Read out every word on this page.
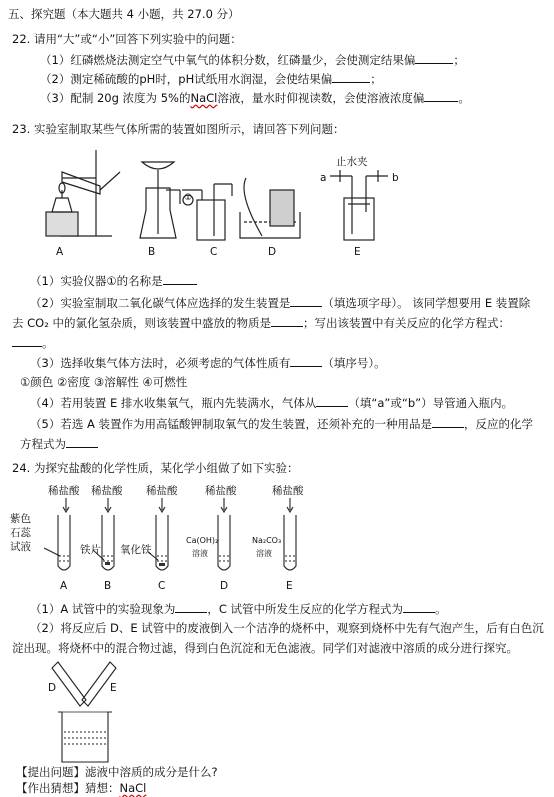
五、探究题（本大题共 4 小题，共 27.0 分）
22. 请用“大”或“小”回答下列实验中的问题：
（1）红磷燃烧法测定空气中氧气的体积分数，红磷量少，会使测定结果偏	；
（2）测定稀硫酸的pH时，pH试纸用水润湿，会使结果偏	；
（3）配制 20g 浓度为 5%的NaCl溶液，量水时仰视读数，会使溶液浓度偏	。
23. 实验室制取某些气体所需的装置如图所示，请回答下列问题：
A	B	C	D	E
①
止水夹
a	b
（1）实验仪器①的名称是
（2）实验室制取二氧化碳气体应选择的发生装置是	（填选项字母）。 该同学想要用 E 装置除
去 CO₂ 中的氯化氢杂质，则该装置中盛放的物质是	；写出该装置中有关反应的化学方程式：
。
（3）选择收集气体方法时，必须考虑的气体性质有	（填序号）。
①颜色 ②密度 ③溶解性 ④可燃性
（4）若用装置 E 排水收集氧气，瓶内先装满水，气体从	（填“a”或“b”）导管通入瓶内。
（5）若选 A 装置作为用高锰酸钾制取氧气的发生装置，还须补充的一种用品是	，反应的化学
方程式为
24. 为探究盐酸的化学性质，某化学小组做了如下实验：
稀盐酸 稀盐酸 稀盐酸	稀盐酸	稀盐酸
紫色
石蕊
试液	铁片 氧化铁
Ca(OH)₂
溶液
Na₂CO₃
溶液
A	B	C	D	E
（1）A 试管中的实验现象为	，C 试管中所发生反应的化学方程式为	。
（2）将反应后 D、E 试管中的废液倒入一个洁净的烧杯中，观察到烧杯中先有气泡产生，后有白色沉
淀出现。将烧杯中的混合物过滤，得到白色沉淀和无色滤液。同学们对滤液中溶质的成分进行探究。
D	E
【提出问题】滤液中溶质的成分是什么?
【作出猜想】猜想：NaCl
